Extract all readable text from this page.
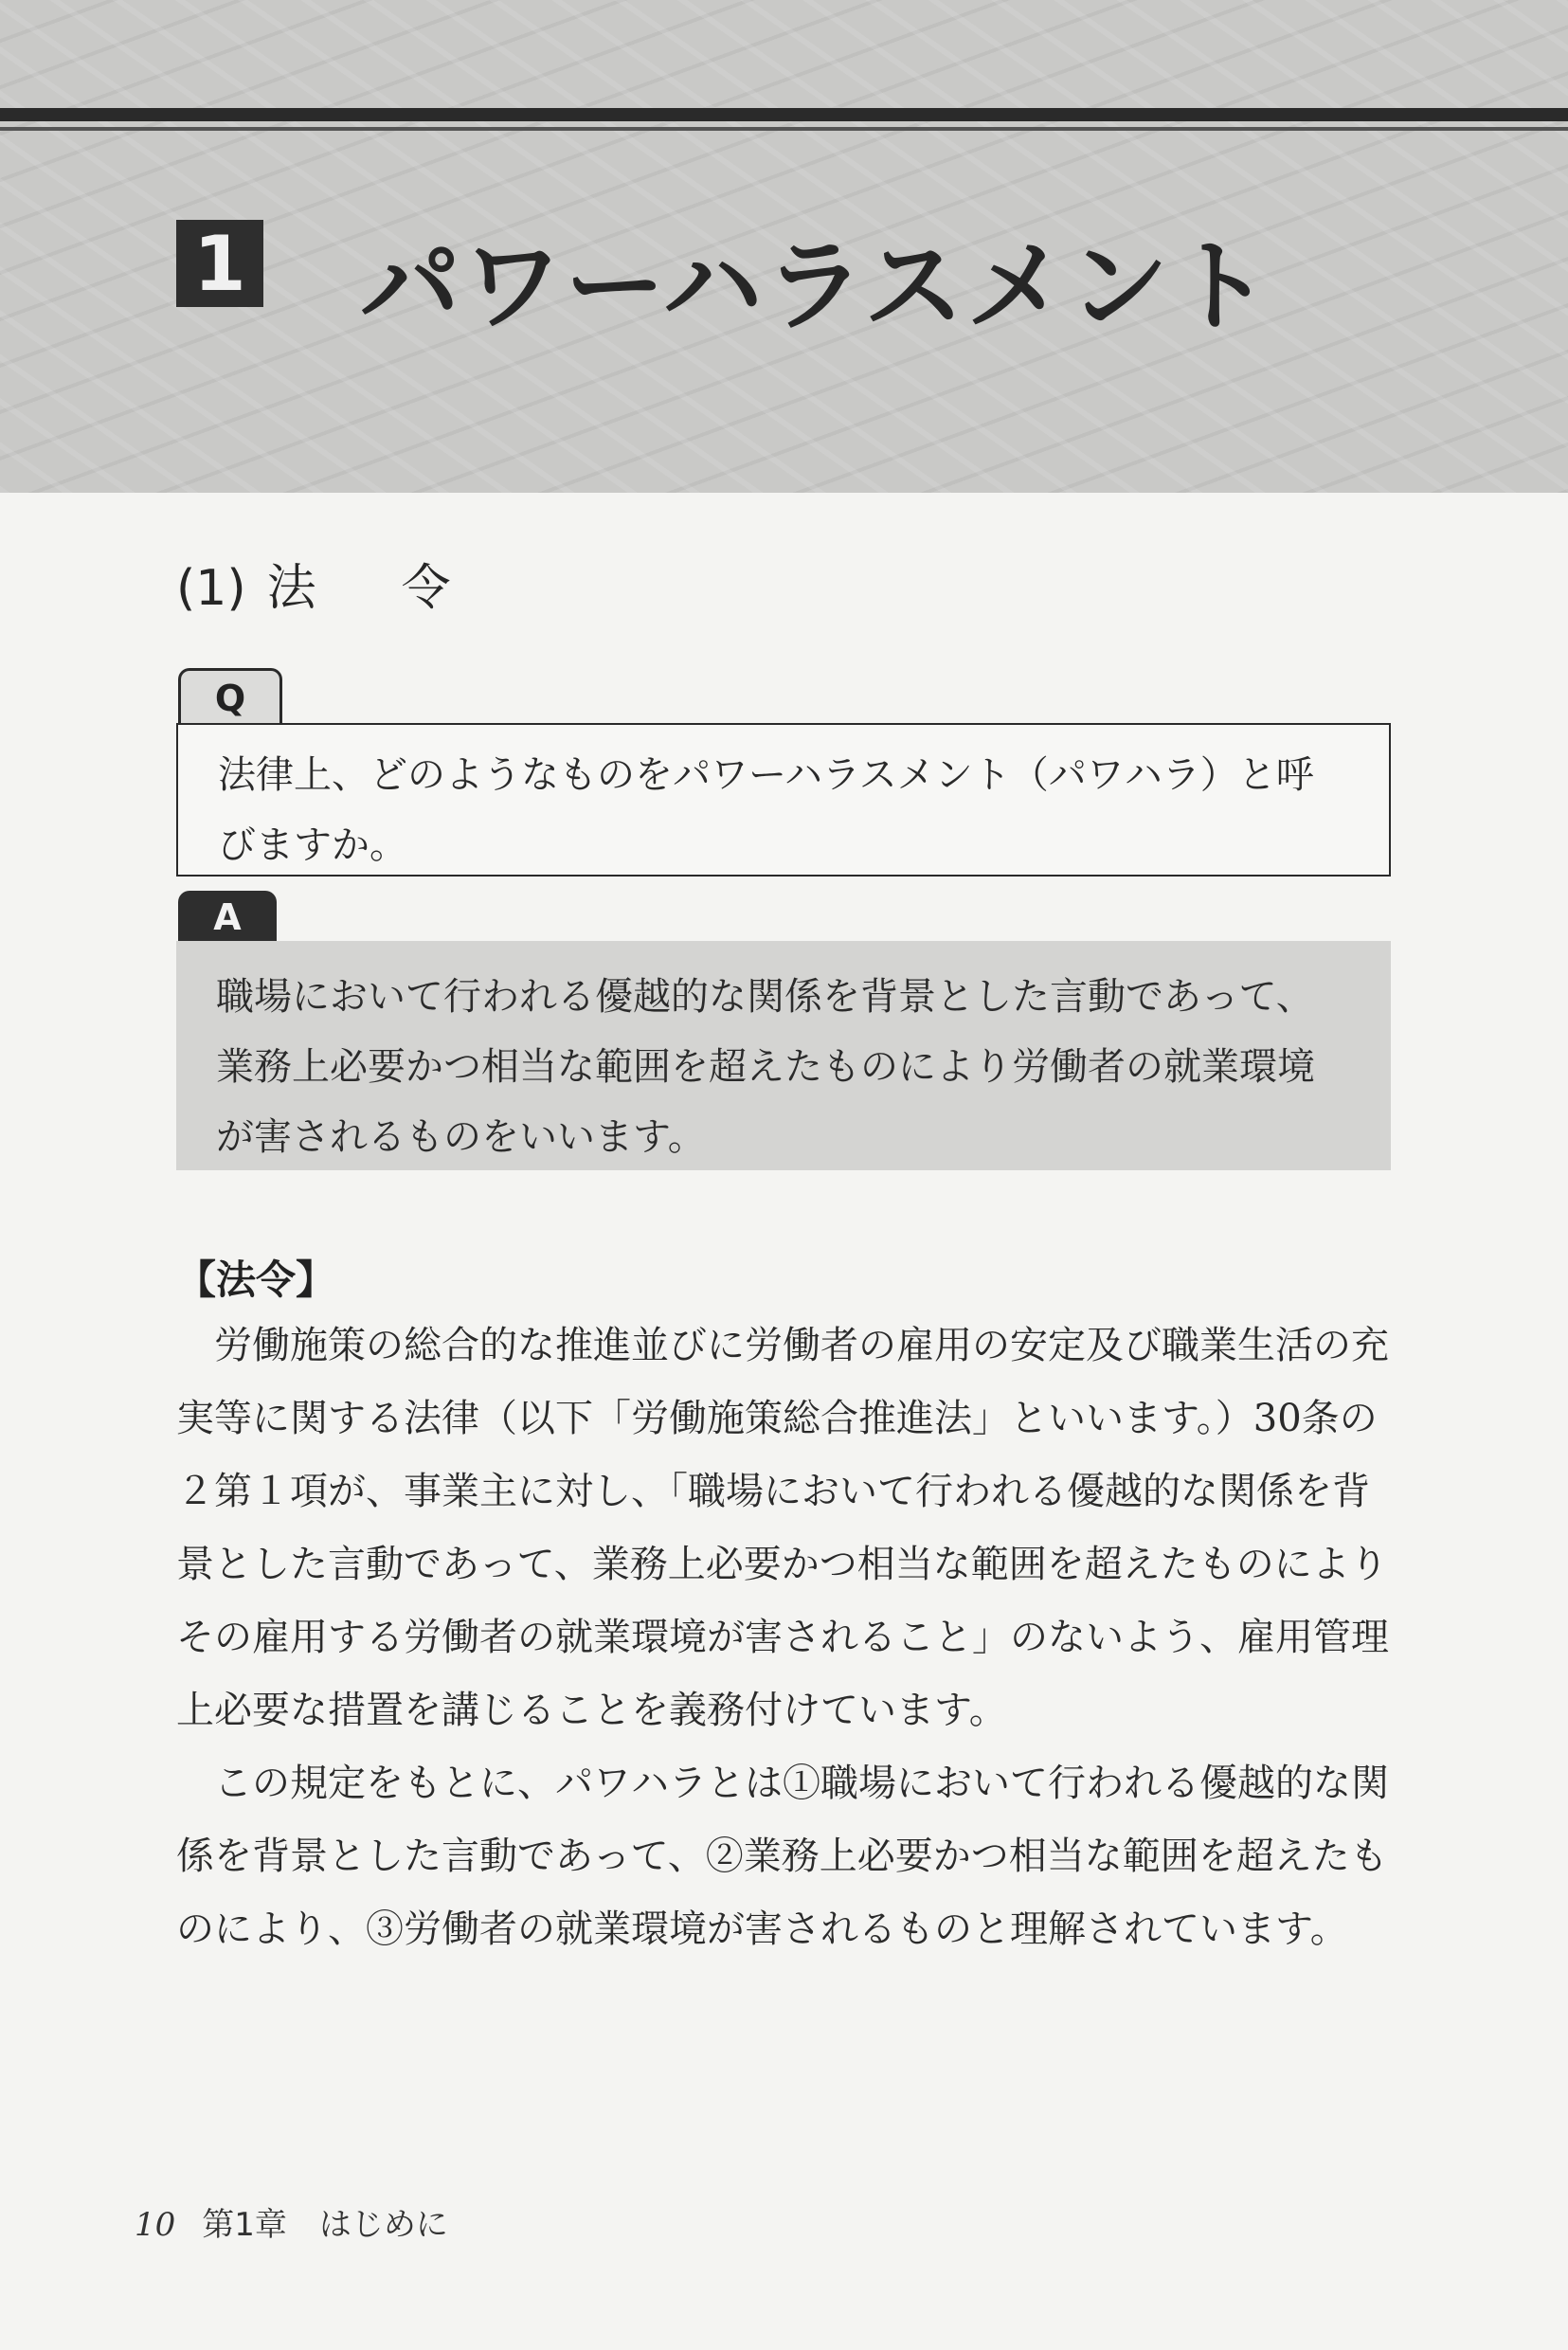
1 パワーハラスメント
(1) 法令
Q
法律上、どのようなものをパワーハラスメント（パワハラ）と呼
びますか。
A
職場において行われる優越的な関係を背景とした言動であって、
業務上必要かつ相当な範囲を超えたものにより労働者の就業環境
が害されるものをいいます。
【法令】

労働施策の総合的な推進並びに労働者の雇用の安定及び職業生活の充実等に関する法律（以下「労働施策総合推進法」といいます。）30条の２第１項が、事業主に対し、「職場において行われる優越的な関係を背景とした言動であって、業務上必要かつ相当な範囲を超えたものによりその雇用する労働者の就業環境が害されること」のないよう、雇用管理上必要な措置を講じることを義務付けています。

この規定をもとに、パワハラとは①職場において行われる優越的な関係を背景とした言動であって、②業務上必要かつ相当な範囲を超えたものにより、③労働者の就業環境が害されるものと理解されています。

10 第1章　はじめに
